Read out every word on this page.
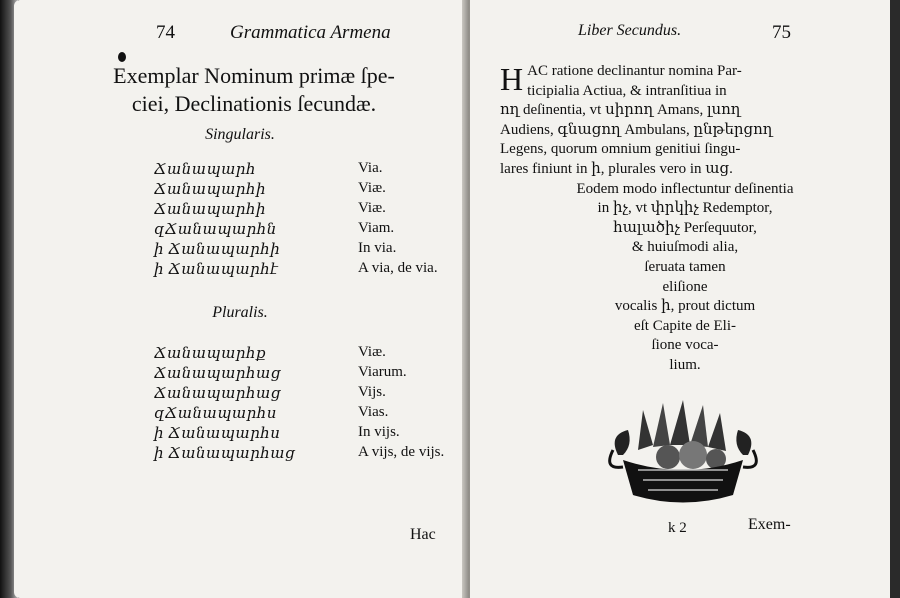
74	Grammatica Armena
Exemplar Nominum primæ ſpe-
ciei, Declinationis ſecundæ.
Singularis.
Ճանապարհ	Via.
Ճանապարհի	Viæ.
Ճանապարհի	Viæ.
զՃանապարհն	Viam.
ի Ճանապարհի	In via.
ի Ճանապարհէ	A via, de via.
Pluralis.
Ճանապարհք	Viæ.
Ճանապարհաց	Viarum.
Ճանապարհաց	Vijs.
զՃանապարհս	Vias.
ի Ճանապարհս	In vijs.
ի Ճանապարհաց	A vijs, de vijs.
Hac
Liber Secundus.	75
H AC ratione declinantur nomina Par-
ticipialia Actiua, & intranſitiua in
ող deſinentia, vt սիրող Amans, լսող
Audiens, գնացող Ambulans, ընթերցող
Legens, quorum omnium genitiui ſingu-
lares finiunt in ի, plurales vero in աց.
Eodem modo inflectuntur deſinentia
in իչ, vt փրկիչ Redemptor,
հալածիչ Perſequutor,
& huiuſmodi alia,
ſeruata tamen
eliſione
vocalis ի, prout dictum
eſt Capite de Eli-
ſione voca-
lium.
k 2	Exem-
